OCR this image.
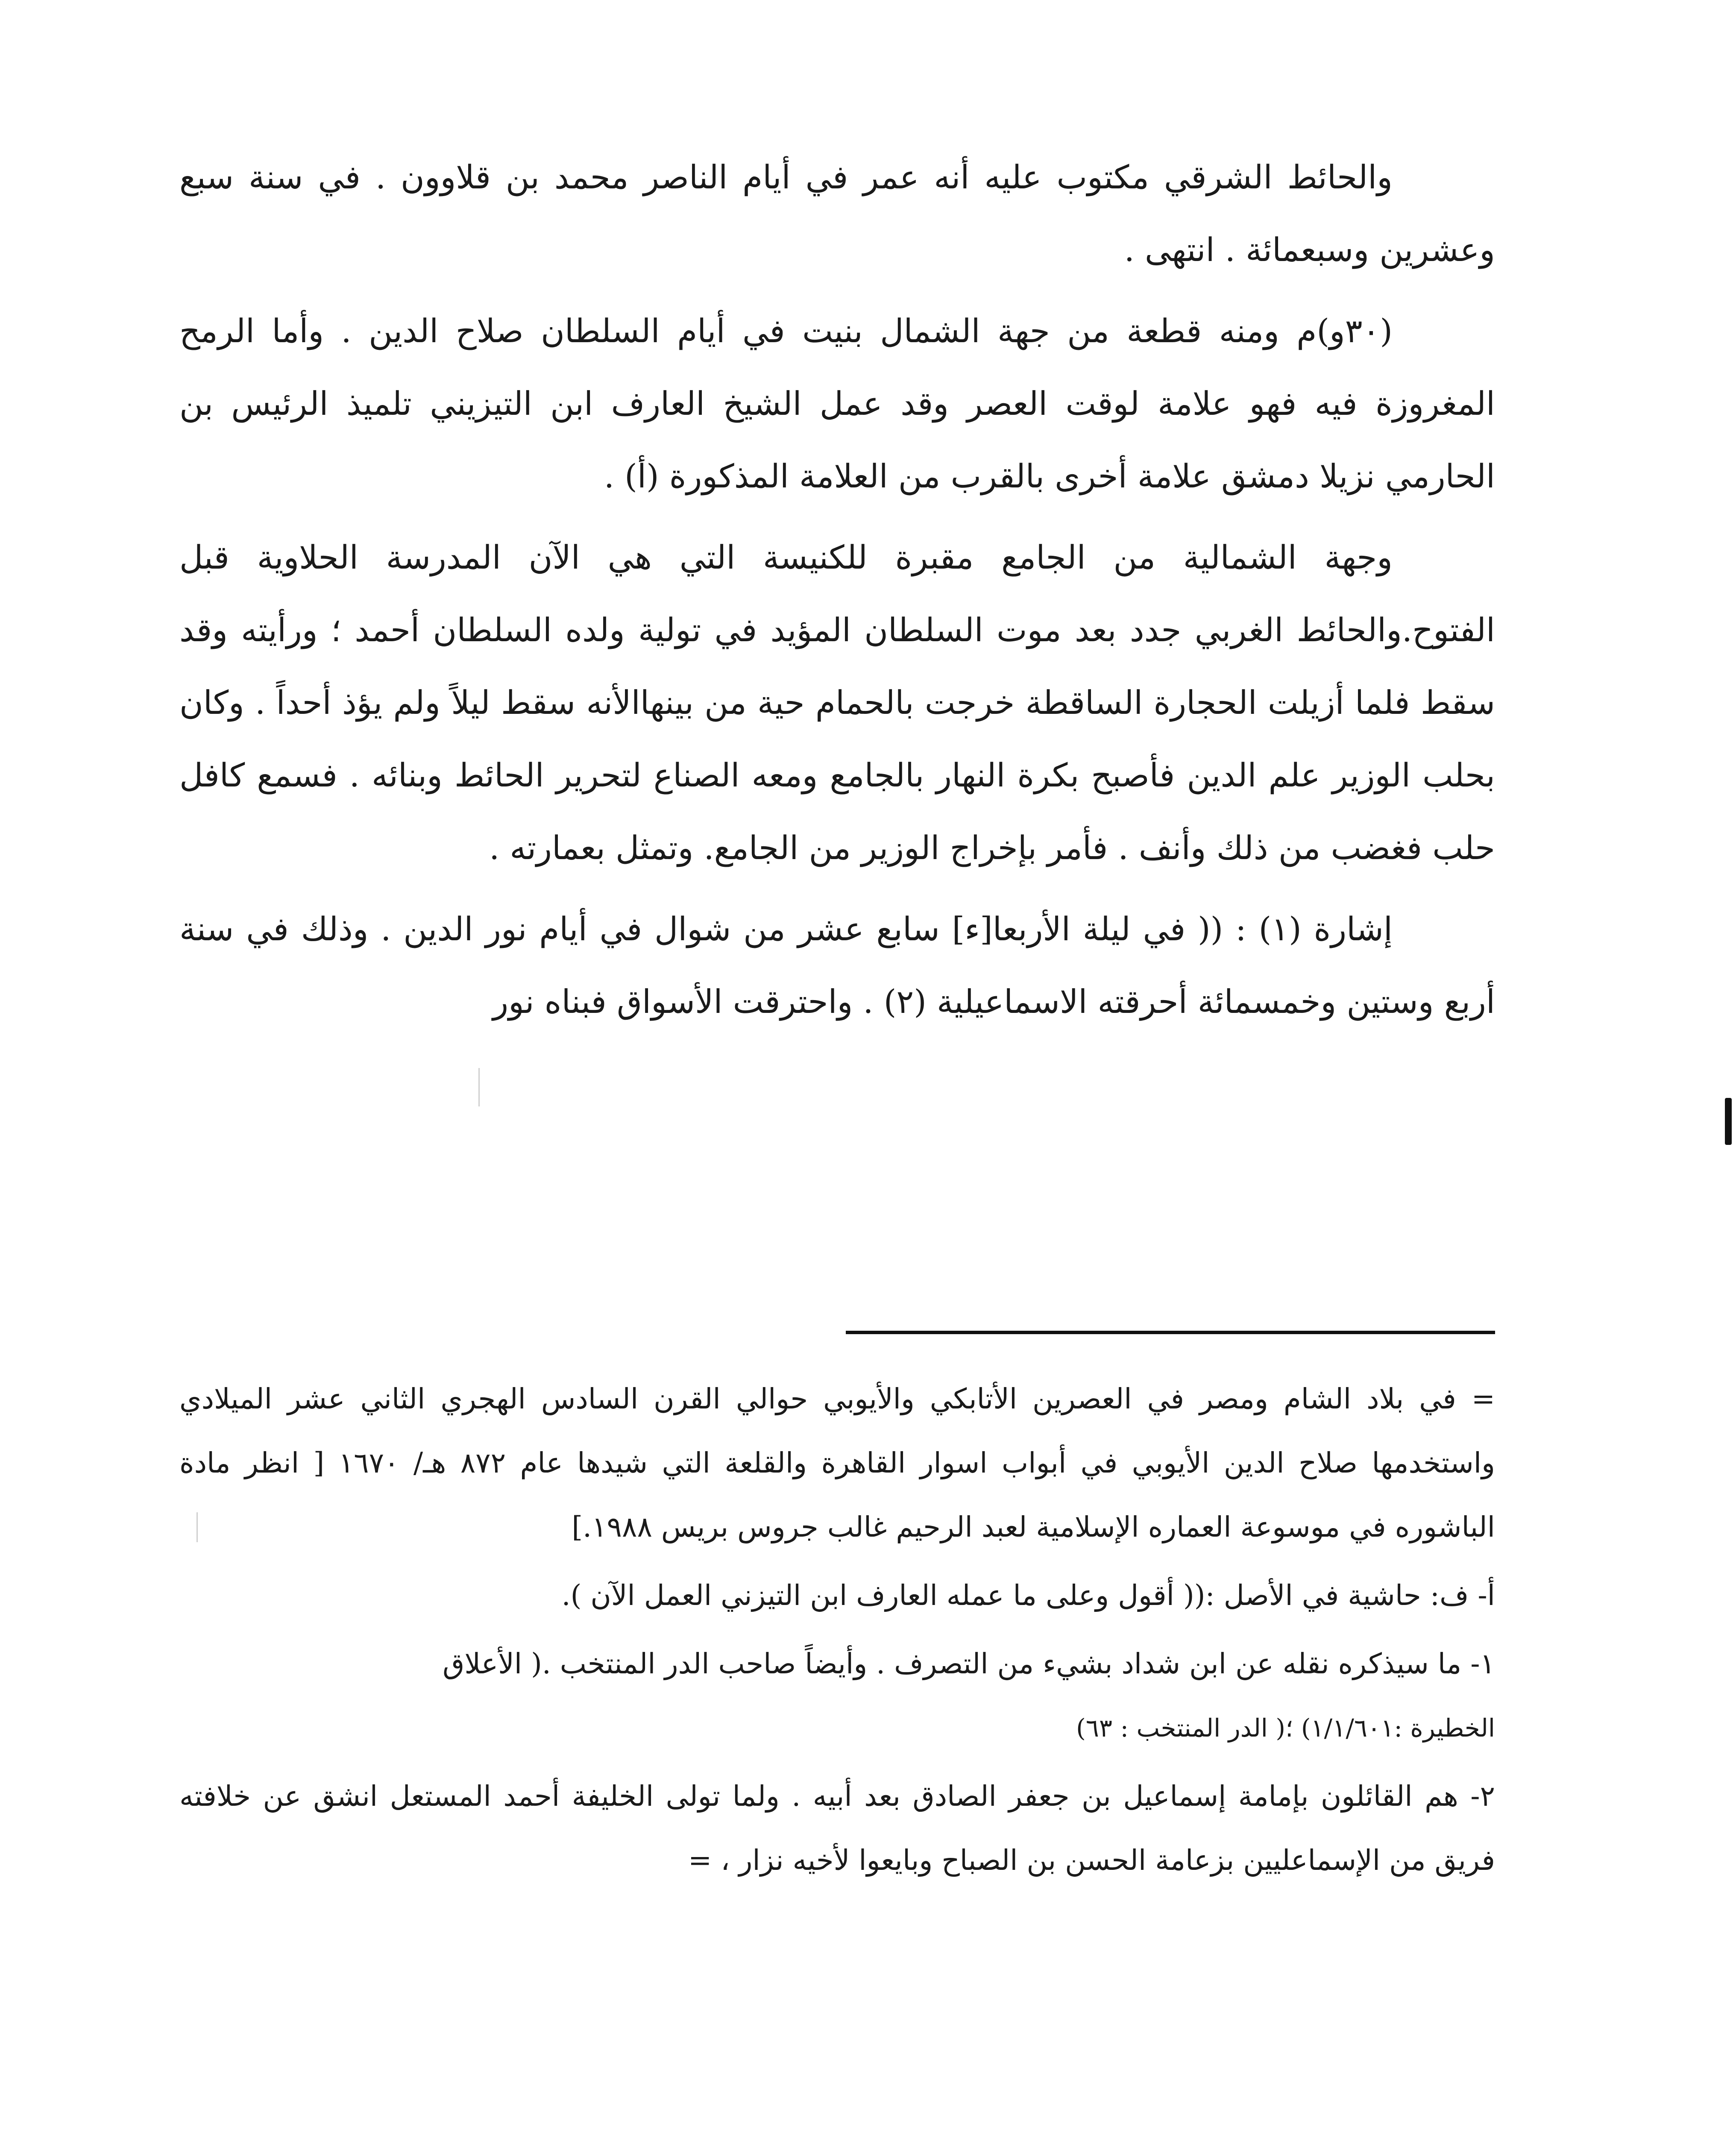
والحائط الشرقي مكتوب عليه أنه عمر في أيام الناصر محمد بن قلاوون . في سنة سبع وعشرين وسبعمائة . انتهى .

(٣٠و)م ومنه قطعة من جهة الشمال بنيت في أيام السلطان صلاح الدين . وأما الرمح المغروزة فيه فهو علامة لوقت العصر وقد عمل الشيخ العارف ابن التيزيني تلميذ الرئيس بن الحارمي نزيلا دمشق علامة أخرى بالقرب من العلامة المذكورة (أ) .

وجهة الشمالية من الجامع مقبرة للكنيسة التي هي الآن المدرسة الحلاوية قبل الفتوح.والحائط الغربي جدد بعد موت السلطان المؤيد في تولية ولده السلطان أحمد ؛ ورأيته وقد سقط فلما أزيلت الحجارة الساقطة خرجت بالحمام حية من بينهاالأنه سقط ليلاً ولم يؤذ أحداً . وكان بحلب الوزير علم الدين فأصبح بكرة النهار بالجامع ومعه الصناع لتحرير الحائط وبنائه . فسمع كافل حلب فغضب من ذلك وأنف . فأمر بإخراج الوزير من الجامع. وتمثل بعمارته .

إشارة (١) : (( في ليلة الأربعا[ء] سابع عشر من شوال في أيام نور الدين . وذلك في سنة أربع وستين وخمسمائة أحرقته الاسماعيلية (٢) . واحترقت الأسواق فبناه نور

= في بلاد الشام ومصر في العصرين الأتابكي والأيوبي حوالي القرن السادس الهجري الثاني عشر الميلادي واستخدمها صلاح الدين الأيوبي في أبواب اسوار القاهرة والقلعة التي شيدها عام ٨٧٢ هـ/ ١٦٧٠ [ انظر مادة الباشوره في موسوعة العماره الإسلامية لعبد الرحيم غالب جروس بريس ١٩٨٨.]

أ- ف: حاشية في الأصل :(( أقول وعلى ما عمله العارف ابن التيزني العمل الآن ).

١- ما سيذكره نقله عن ابن شداد بشيء من التصرف . وأيضاً صاحب الدر المنتخب .( الأعلاق

الخطيرة :١/١/٦٠١) ؛( الدر المنتخب : ٦٣)

٢- هم القائلون بإمامة إسماعيل بن جعفر الصادق بعد أبيه . ولما تولى الخليفة أحمد المستعل انشق عن خلافته فريق من الإسماعليين بزعامة الحسن بن الصباح وبايعوا لأخيه نزار ، =
